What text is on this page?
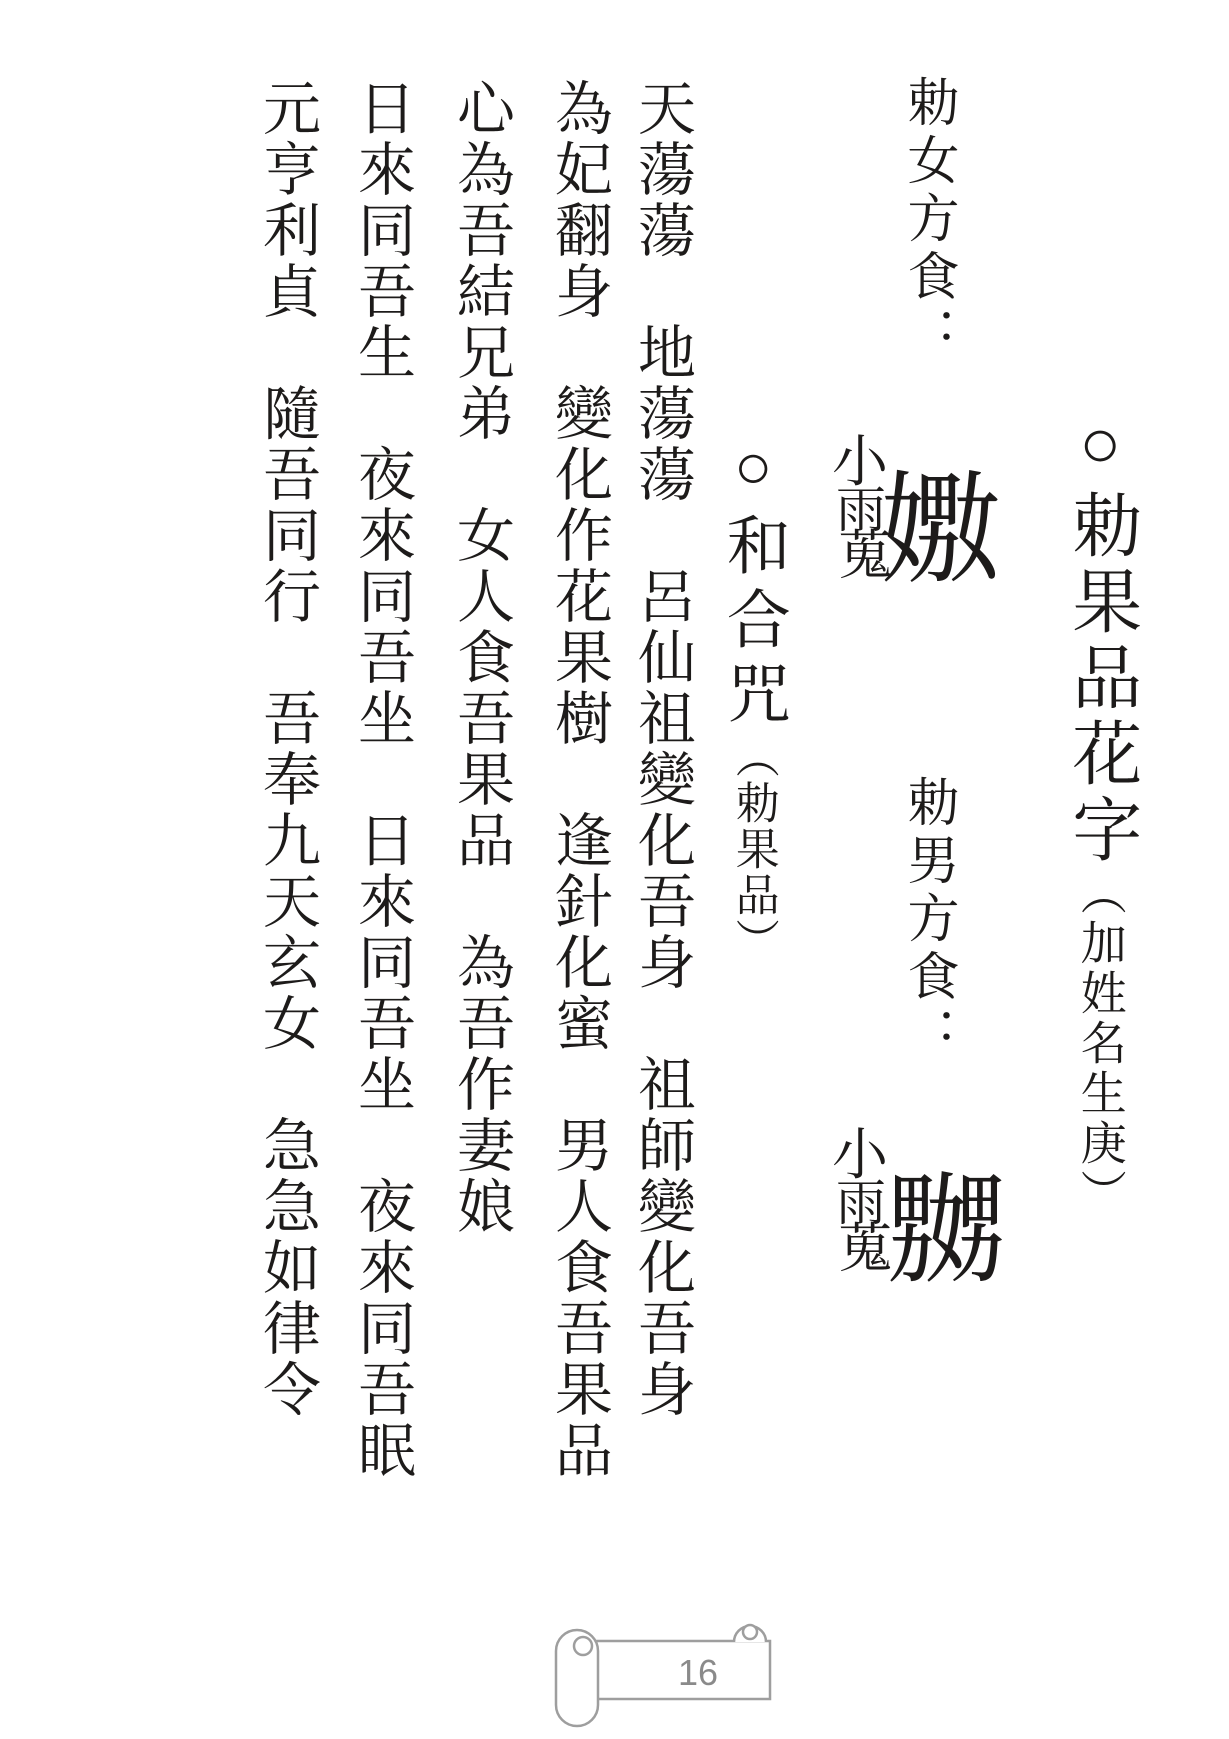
○勅果品花字（加姓名生庚）

勅女方食：
小
雨
蒐
嫐
勅男方食：
小
雨
蒐
嬲

○和合咒（勅果品）

天蕩蕩　地蕩蕩　呂仙祖變化吾身　祖師變化吾身
為妃翻身　變化作花果樹　逢針化蜜　男人食吾果品
心為吾結兄弟　女人食吾果品　為吾作妻娘
日來同吾生　夜來同吾坐　日來同吾坐　夜來同吾眠
元亨利貞　隨吾同行　吾奉九天玄女　急急如律令
16
